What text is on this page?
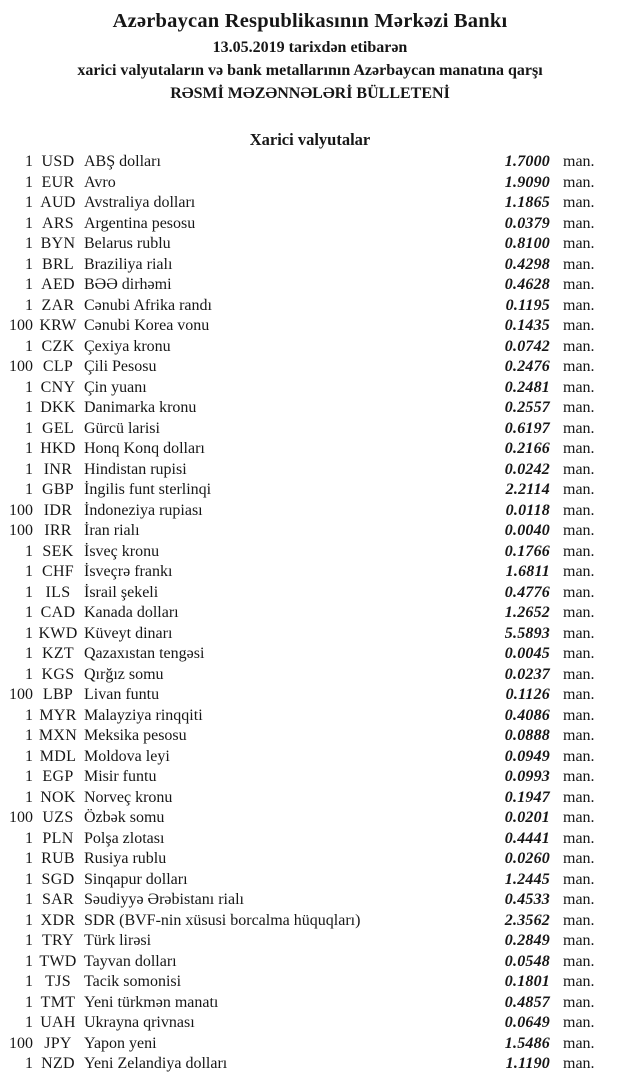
Azərbaycan Respublikasının Mərkəzi Bankı
13.05.2019 tarixdən etibarən
xarici valyutaların və bank metallarının Azərbaycan manatına qarşı
RƏSMİ MƏZƏNNƏLƏRİ BÜLLETENİ
Xarici valyutalar
1 USD ABŞ dolları	1.7000 man.
1 EUR Avro	1.9090 man.
1 AUD Avstraliya dolları	1.1865 man.
1 ARS Argentina pesosu	0.0379 man.
1 BYN Belarus rublu	0.8100 man.
1 BRL Braziliya rialı	0.4298 man.
1 AED BƏƏ dirhəmi	0.4628 man.
1 ZAR Cənubi Afrika randı	0.1195 man.
100 KRW Cənubi Korea vonu	0.1435 man.
1 CZK Çexiya kronu	0.0742 man.
100 CLP Çili Pesosu	0.2476 man.
1 CNY Çin yuanı	0.2481 man.
1 DKK Danimarka kronu	0.2557 man.
1 GEL Gürcü larisi	0.6197 man.
1 HKD Honq Konq dolları	0.2166 man.
1 INR Hindistan rupisi	0.0242 man.
1 GBP İngilis funt sterlinqi	2.2114 man.
100 IDR İndoneziya rupiası	0.0118 man.
100 IRR İran rialı	0.0040 man.
1 SEK İsveç kronu	0.1766 man.
1 CHF İsveçrə frankı	1.6811 man.
1 ILS İsrail şekeli	0.4776 man.
1 CAD Kanada dolları	1.2652 man.
1 KWD Küveyt dinarı	5.5893 man.
1 KZT Qazaxıstan tengəsi	0.0045 man.
1 KGS Qırğız somu	0.0237 man.
100 LBP Livan funtu	0.1126 man.
1 MYR Malayziya rinqqiti	0.4086 man.
1 MXN Meksika pesosu	0.0888 man.
1 MDL Moldova leyi	0.0949 man.
1 EGP Misir funtu	0.0993 man.
1 NOK Norveç kronu	0.1947 man.
100 UZS Özbək somu	0.0201 man.
1 PLN Polşa zlotası	0.4441 man.
1 RUB Rusiya rublu	0.0260 man.
1 SGD Sinqapur dolları	1.2445 man.
1 SAR Səudiyyə Ərəbistanı rialı	0.4533 man.
1 XDR SDR (BVF-nin xüsusi borcalma hüquqları)	2.3562 man.
1 TRY Türk lirəsi	0.2849 man.
1 TWD Tayvan dolları	0.0548 man.
1 TJS Tacik somonisi	0.1801 man.
1 TMT Yeni türkmən manatı	0.4857 man.
1 UAH Ukrayna qrivnası	0.0649 man.
100 JPY Yapon yeni	1.5486 man.
1 NZD Yeni Zelandiya dolları	1.1190 man.
